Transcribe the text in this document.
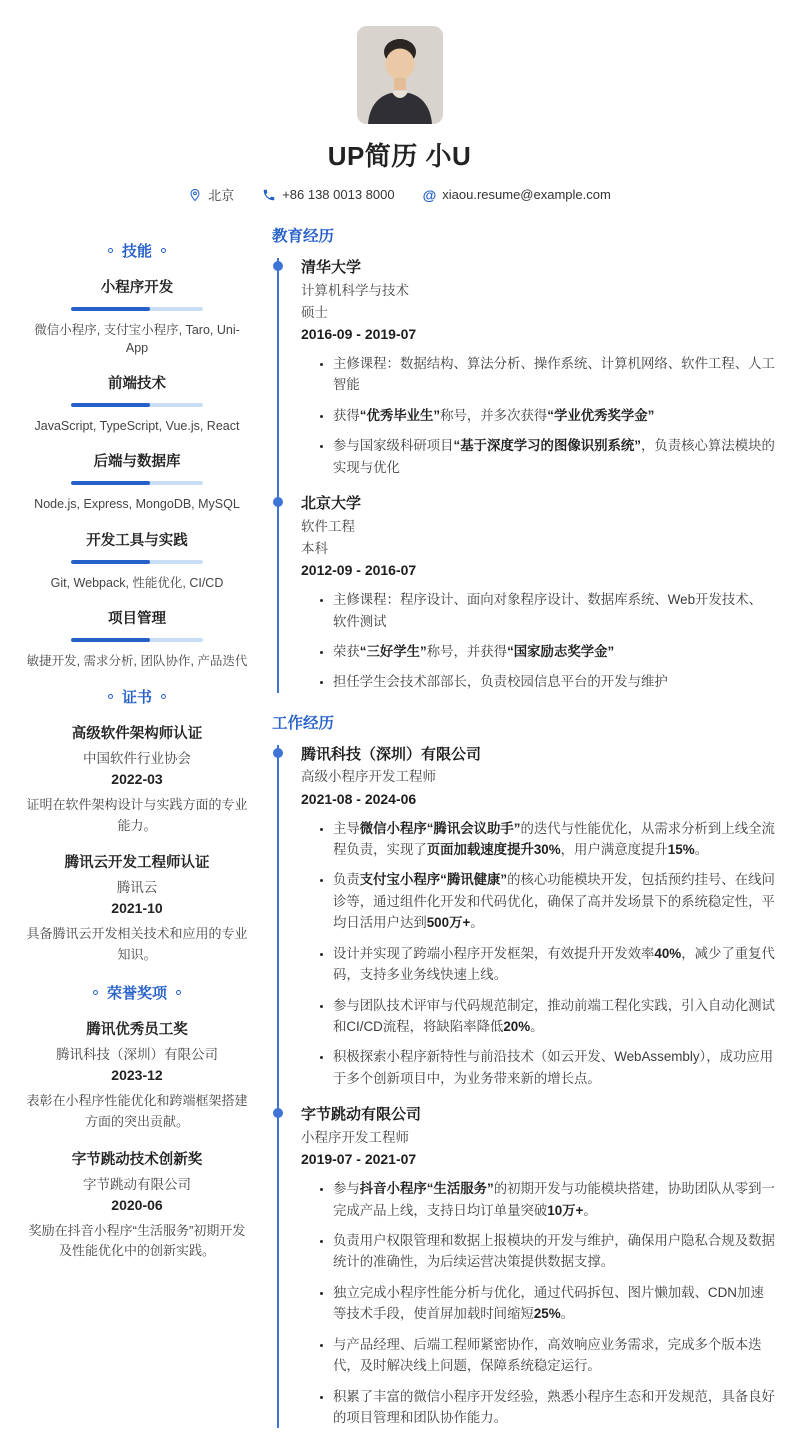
UP简历 小U
北京	+86 138 0013 8000 @ xiaou.resume@example.com
技能
小程序开发
微信小程序, 支付宝小程序, Taro, Uni-App
前端技术
JavaScript, TypeScript, Vue.js, React
后端与数据库
Node.js, Express, MongoDB, MySQL
开发工具与实践
Git, Webpack, 性能优化, CI/CD
项目管理
敏捷开发, 需求分析, 团队协作, 产品迭代
证书
高级软件架构师认证
中国软件行业协会
2022-03
证明在软件架构设计与实践方面的专业能力。
腾讯云开发工程师认证
腾讯云
2021-10
具备腾讯云开发相关技术和应用的专业知识。
荣誉奖项
腾讯优秀员工奖
腾讯科技（深圳）有限公司
2023-12
表彰在小程序性能优化和跨端框架搭建方面的突出贡献。
字节跳动技术创新奖
字节跳动有限公司
2020-06
奖励在抖音小程序“生活服务”初期开发及性能优化中的创新实践。
教育经历
清华大学
计算机科学与技术
硕士
2016-09 - 2019-07
• 主修课程：数据结构、算法分析、操作系统、计算机网络、软件工程、人工智能
• 获得“优秀毕业生”称号，并多次获得“学业优秀奖学金”
• 参与国家级科研项目“基于深度学习的图像识别系统”，负责核心算法模块的实现与优化
北京大学
软件工程
本科
2012-09 - 2016-07
• 主修课程：程序设计、面向对象程序设计、数据库系统、Web开发技术、软件测试
• 荣获“三好学生”称号，并获得“国家励志奖学金”
• 担任学生会技术部部长，负责校园信息平台的开发与维护
工作经历
腾讯科技（深圳）有限公司
高级小程序开发工程师
2021-08 - 2024-06
• 主导微信小程序“腾讯会议助手”的迭代与性能优化，从需求分析到上线全流程负责，实现了页面加载速度提升30%，用户满意度提升15%。
• 负责支付宝小程序“腾讯健康”的核心功能模块开发，包括预约挂号、在线问诊等，通过组件化开发和代码优化，确保了高并发场景下的系统稳定性，平均日活用户达到500万+。
• 设计并实现了跨端小程序开发框架，有效提升开发效率40%，减少了重复代码，支持多业务线快速上线。
• 参与团队技术评审与代码规范制定，推动前端工程化实践，引入自动化测试和CI/CD流程，将缺陷率降低20%。
• 积极探索小程序新特性与前沿技术（如云开发、WebAssembly），成功应用于多个创新项目中，为业务带来新的增长点。
字节跳动有限公司
小程序开发工程师
2019-07 - 2021-07
• 参与抖音小程序“生活服务”的初期开发与功能模块搭建，协助团队从零到一完成产品上线，支持日均订单量突破10万+。
• 负责用户权限管理和数据上报模块的开发与维护，确保用户隐私合规及数据统计的准确性，为后续运营决策提供数据支撑。
• 独立完成小程序性能分析与优化，通过代码拆包、图片懒加载、CDN加速等技术手段，使首屏加载时间缩短25%。
• 与产品经理、后端工程师紧密协作，高效响应业务需求，完成多个版本迭代，及时解决线上问题，保障系统稳定运行。
• 积累了丰富的微信小程序开发经验，熟悉小程序生态和开发规范，具备良好的项目管理和团队协作能力。
